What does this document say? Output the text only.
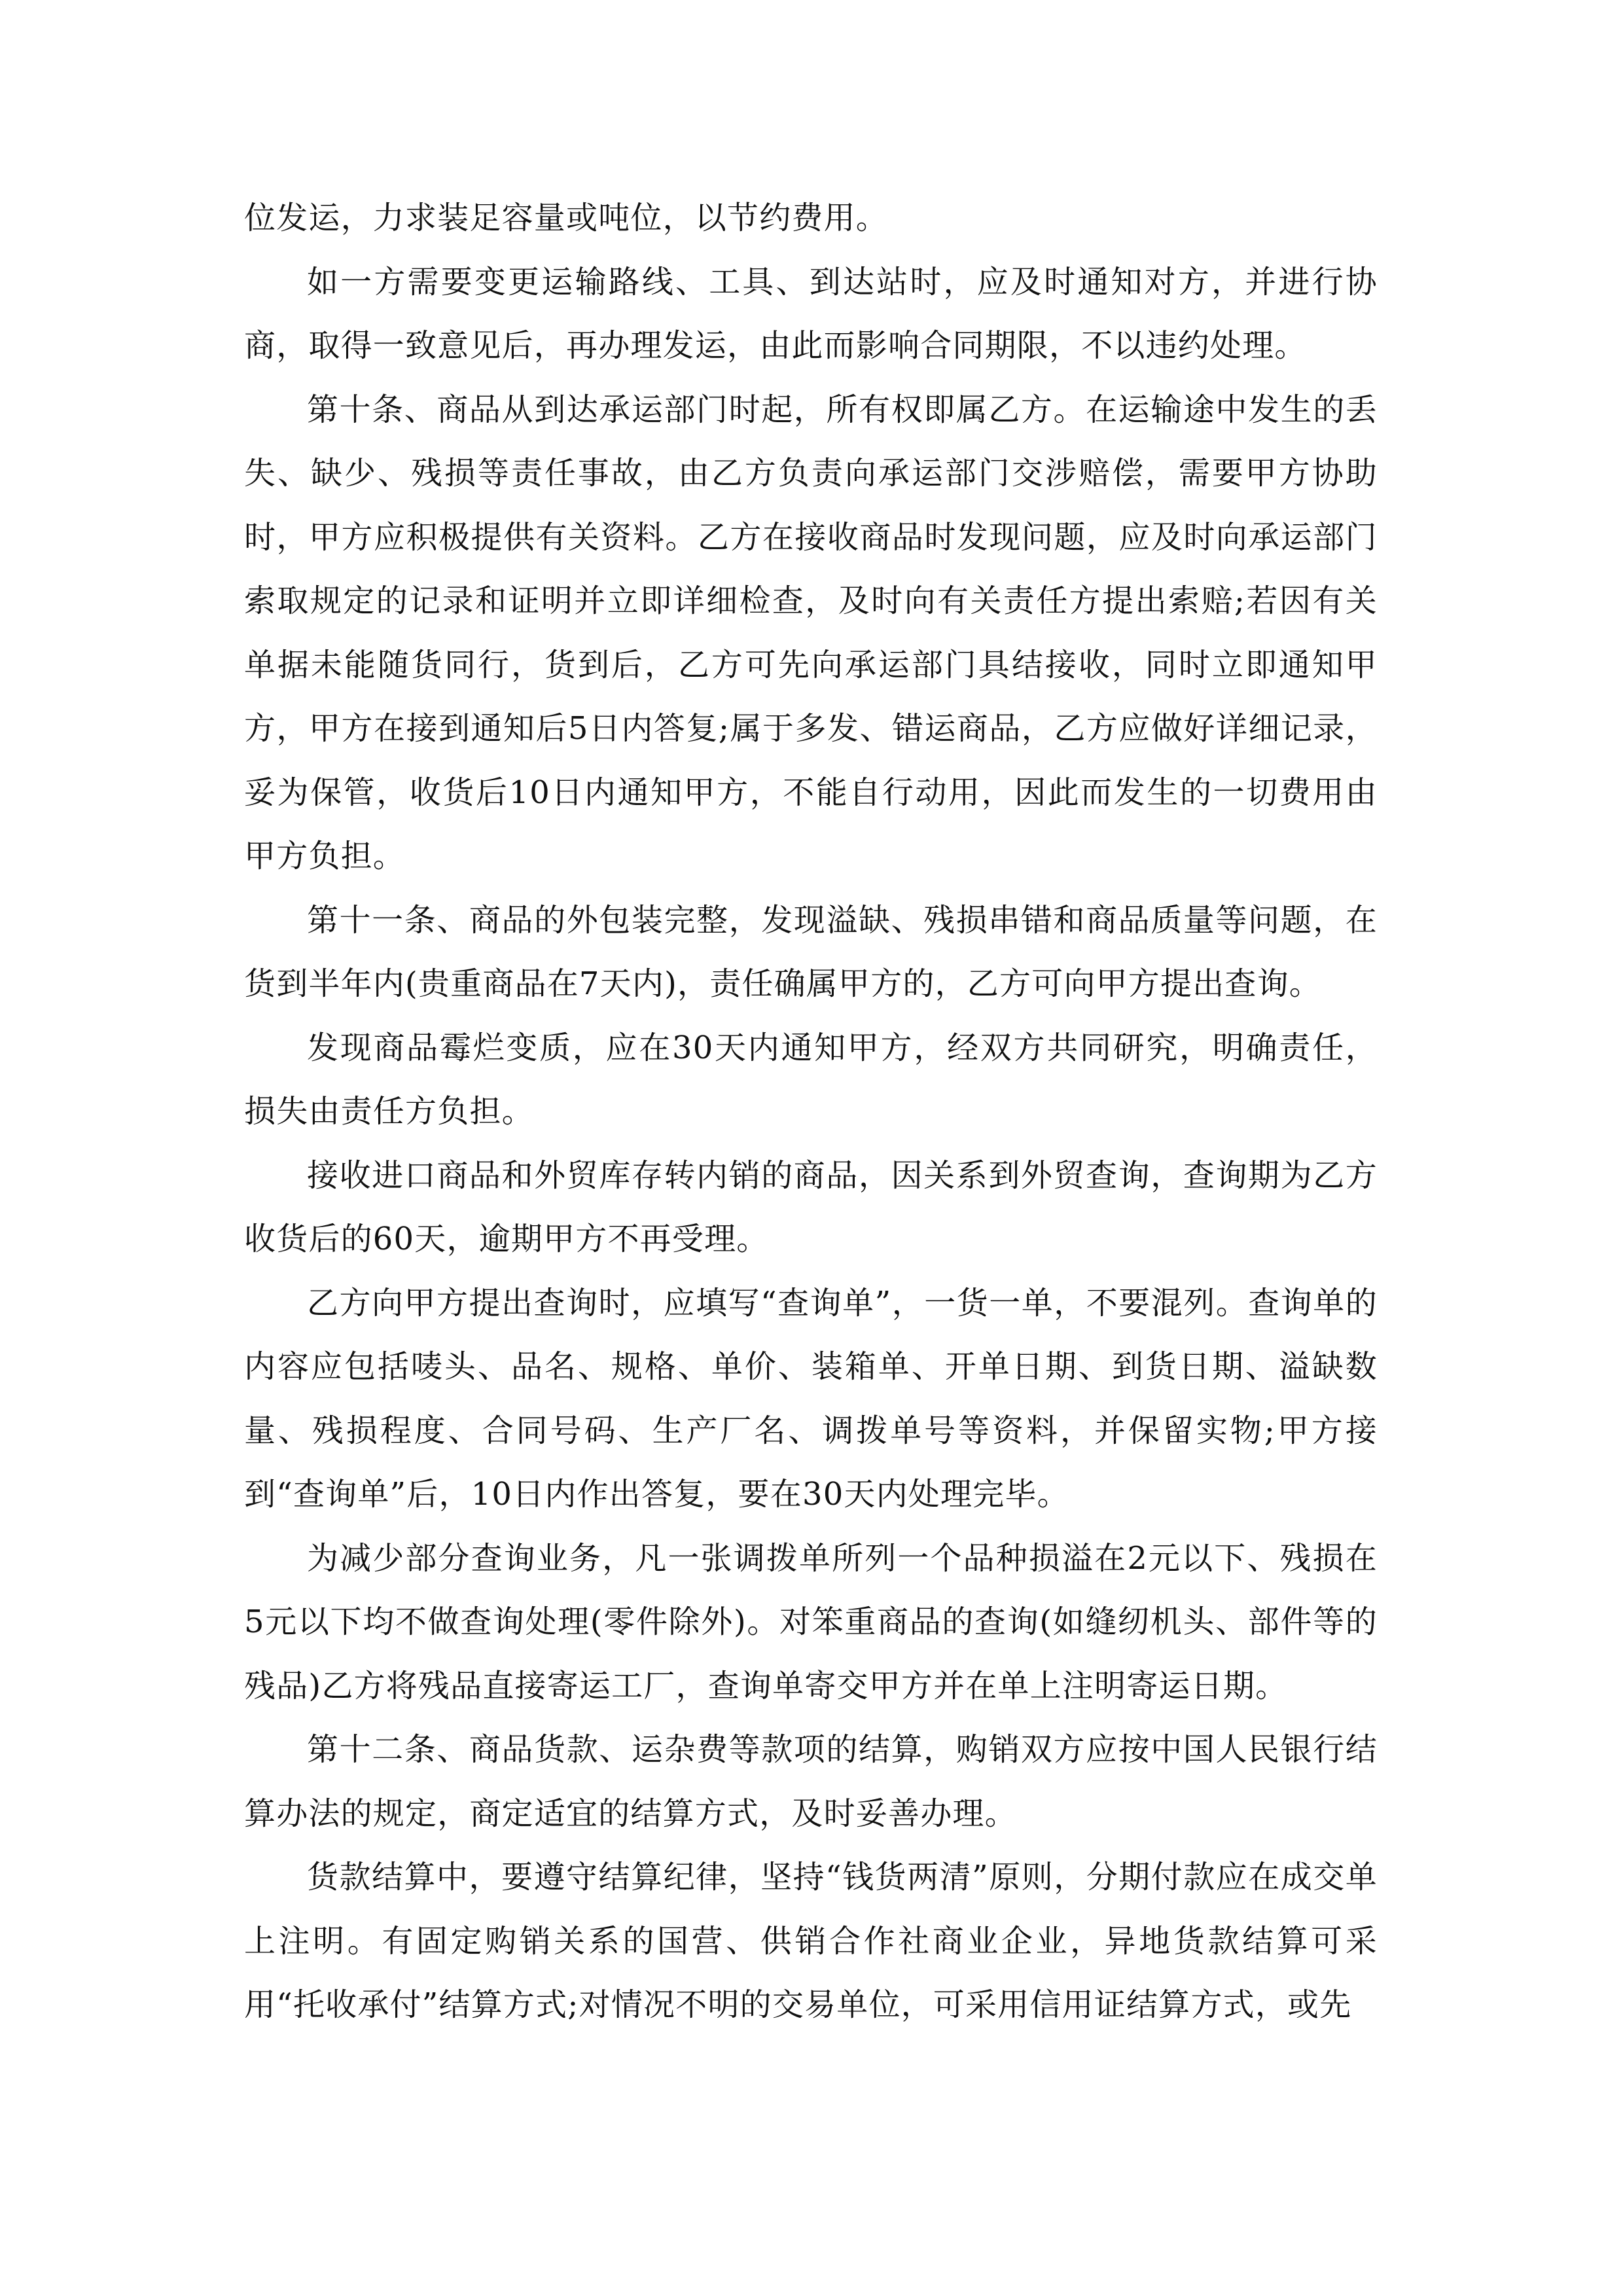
位发运，力求装足容量或吨位，以节约费用。

如一方需要变更运输路线、工具、到达站时，应及时通知对方，并进行协商，取得一致意见后，再办理发运，由此而影响合同期限，不以违约处理。

第十条、商品从到达承运部门时起，所有权即属乙方。在运输途中发生的丢失、缺少、残损等责任事故，由乙方负责向承运部门交涉赔偿，需要甲方协助时，甲方应积极提供有关资料。乙方在接收商品时发现问题，应及时向承运部门索取规定的记录和证明并立即详细检查，及时向有关责任方提出索赔;若因有关单据未能随货同行，货到后，乙方可先向承运部门具结接收，同时立即通知甲方，甲方在接到通知后5日内答复;属于多发、错运商品，乙方应做好详细记录，妥为保管，收货后10日内通知甲方，不能自行动用，因此而发生的一切费用由甲方负担。

第十一条、商品的外包装完整，发现溢缺、残损串错和商品质量等问题，在货到半年内(贵重商品在7天内)，责任确属甲方的，乙方可向甲方提出查询。

发现商品霉烂变质，应在30天内通知甲方，经双方共同研究，明确责任，损失由责任方负担。

接收进口商品和外贸库存转内销的商品，因关系到外贸查询，查询期为乙方收货后的60天，逾期甲方不再受理。

乙方向甲方提出查询时，应填写“查询单”，一货一单，不要混列。查询单的内容应包括唛头、品名、规格、单价、装箱单、开单日期、到货日期、溢缺数量、残损程度、合同号码、生产厂名、调拨单号等资料，并保留实物;甲方接到“查询单”后，10日内作出答复，要在30天内处理完毕。

为减少部分查询业务，凡一张调拨单所列一个品种损溢在2元以下、残损在5元以下均不做查询处理(零件除外)。对笨重商品的查询(如缝纫机头、部件等的残品)乙方将残品直接寄运工厂，查询单寄交甲方并在单上注明寄运日期。

第十二条、商品货款、运杂费等款项的结算，购销双方应按中国人民银行结算办法的规定，商定适宜的结算方式，及时妥善办理。

货款结算中，要遵守结算纪律，坚持“钱货两清”原则，分期付款应在成交单上注明。有固定购销关系的国营、供销合作社商业企业，异地货款结算可采用“托收承付”结算方式;对情况不明的交易单位，可采用信用证结算方式，或先
